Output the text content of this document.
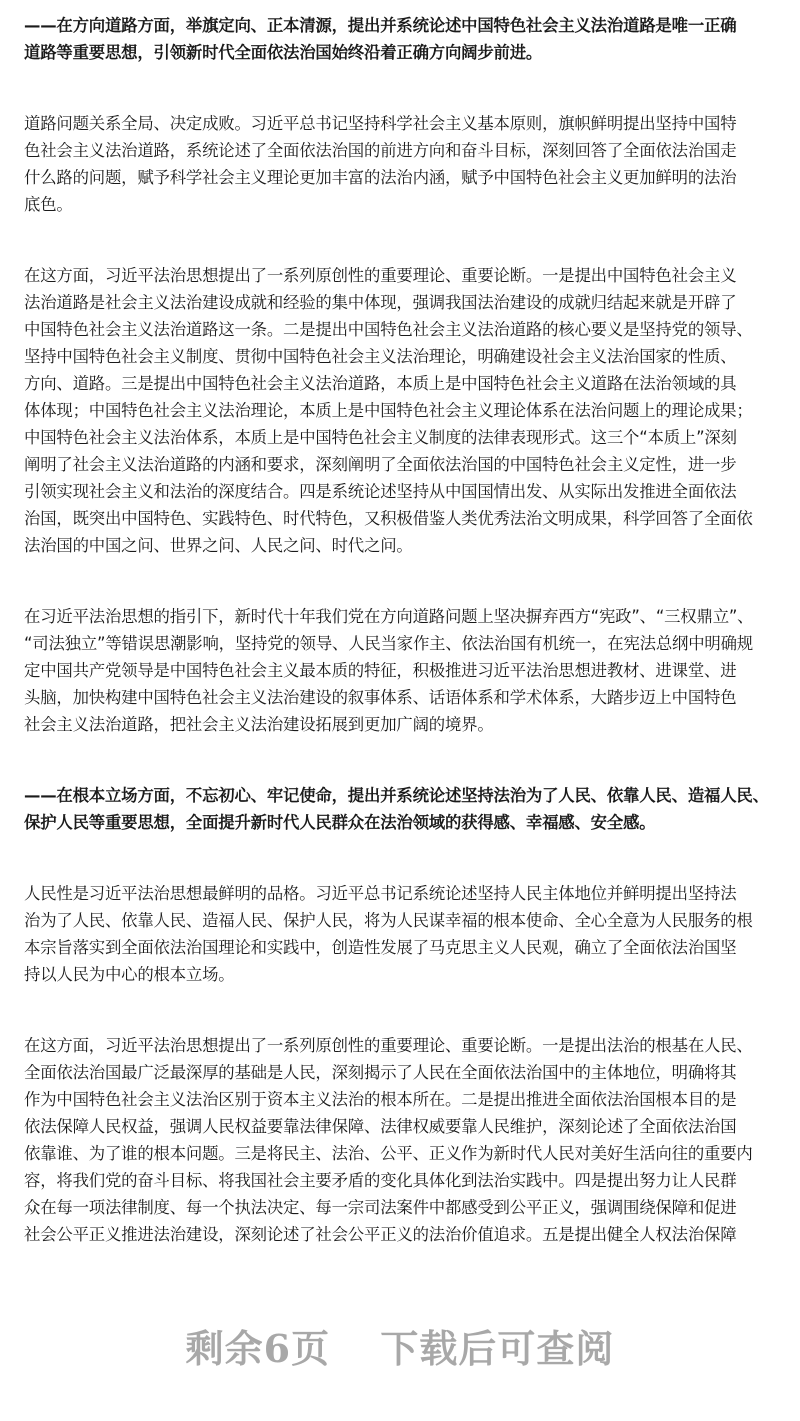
——在方向道路方面，举旗定向、正本清源，提出并系统论述中国特色社会主义法治道路是唯一正确
道路等重要思想，引领新时代全面依法治国始终沿着正确方向阔步前进。
道路问题关系全局、决定成败。习近平总书记坚持科学社会主义基本原则，旗帜鲜明提出坚持中国特
色社会主义法治道路，系统论述了全面依法治国的前进方向和奋斗目标，深刻回答了全面依法治国走
什么路的问题，赋予科学社会主义理论更加丰富的法治内涵，赋予中国特色社会主义更加鲜明的法治
底色。
在这方面，习近平法治思想提出了一系列原创性的重要理论、重要论断。一是提出中国特色社会主义
法治道路是社会主义法治建设成就和经验的集中体现，强调我国法治建设的成就归结起来就是开辟了
中国特色社会主义法治道路这一条。二是提出中国特色社会主义法治道路的核心要义是坚持党的领导、
坚持中国特色社会主义制度、贯彻中国特色社会主义法治理论，明确建设社会主义法治国家的性质、
方向、道路。三是提出中国特色社会主义法治道路，本质上是中国特色社会主义道路在法治领域的具
体体现；中国特色社会主义法治理论，本质上是中国特色社会主义理论体系在法治问题上的理论成果；
中国特色社会主义法治体系，本质上是中国特色社会主义制度的法律表现形式。这三个“本质上”深刻
阐明了社会主义法治道路的内涵和要求，深刻阐明了全面依法治国的中国特色社会主义定性，进一步
引领实现社会主义和法治的深度结合。四是系统论述坚持从中国国情出发、从实际出发推进全面依法
治国，既突出中国特色、实践特色、时代特色，又积极借鉴人类优秀法治文明成果，科学回答了全面依
法治国的中国之问、世界之问、人民之问、时代之问。
在习近平法治思想的指引下，新时代十年我们党在方向道路问题上坚决摒弃西方“宪政”、“三权鼎立”、
“司法独立”等错误思潮影响，坚持党的领导、人民当家作主、依法治国有机统一，在宪法总纲中明确规
定中国共产党领导是中国特色社会主义最本质的特征，积极推进习近平法治思想进教材、进课堂、进
头脑，加快构建中国特色社会主义法治建设的叙事体系、话语体系和学术体系，大踏步迈上中国特色
社会主义法治道路，把社会主义法治建设拓展到更加广阔的境界。
——在根本立场方面，不忘初心、牢记使命，提出并系统论述坚持法治为了人民、依靠人民、造福人民、
保护人民等重要思想，全面提升新时代人民群众在法治领域的获得感、幸福感、安全感。
人民性是习近平法治思想最鲜明的品格。习近平总书记系统论述坚持人民主体地位并鲜明提出坚持法
治为了人民、依靠人民、造福人民、保护人民，将为人民谋幸福的根本使命、全心全意为人民服务的根
本宗旨落实到全面依法治国理论和实践中，创造性发展了马克思主义人民观，确立了全面依法治国坚
持以人民为中心的根本立场。
在这方面，习近平法治思想提出了一系列原创性的重要理论、重要论断。一是提出法治的根基在人民、
全面依法治国最广泛最深厚的基础是人民，深刻揭示了人民在全面依法治国中的主体地位，明确将其
作为中国特色社会主义法治区别于资本主义法治的根本所在。二是提出推进全面依法治国根本目的是
依法保障人民权益，强调人民权益要靠法律保障、法律权威要靠人民维护，深刻论述了全面依法治国
依靠谁、为了谁的根本问题。三是将民主、法治、公平、正义作为新时代人民对美好生活向往的重要内
容，将我们党的奋斗目标、将我国社会主要矛盾的变化具体化到法治实践中。四是提出努力让人民群
众在每一项法律制度、每一个执法决定、每一宗司法案件中都感受到公平正义，强调围绕保障和促进
社会公平正义推进法治建设，深刻论述了社会公平正义的法治价值追求。五是提出健全人权法治保障
剩余6页 下载后可查阅
